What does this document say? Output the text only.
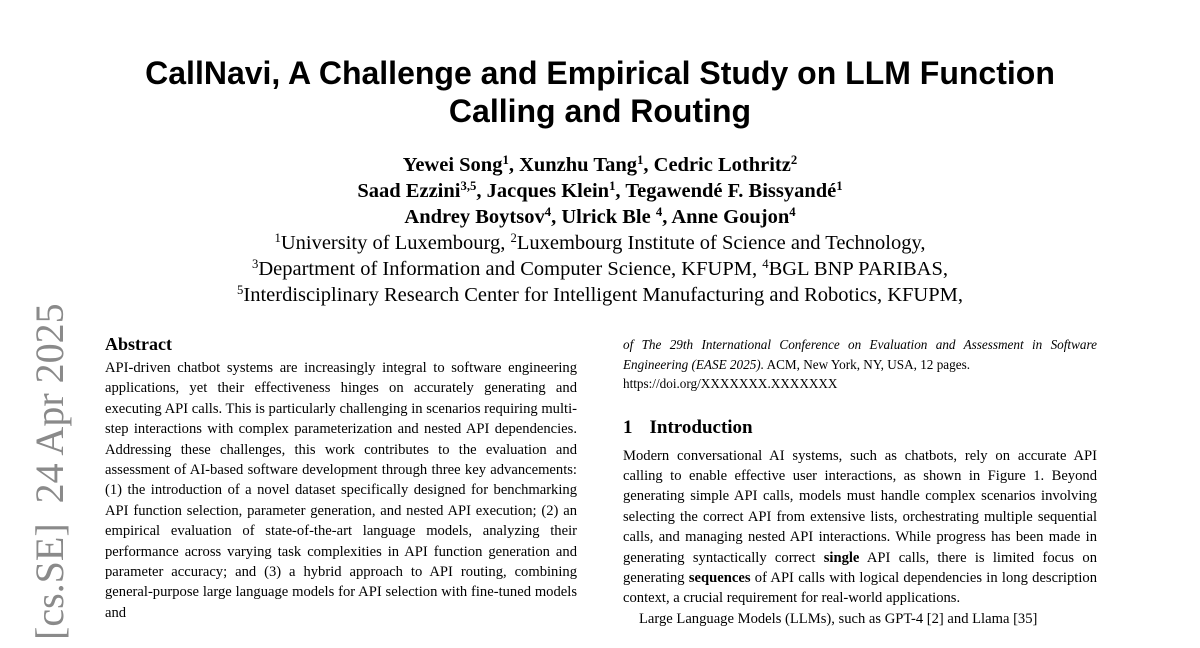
CallNavi, A Challenge and Empirical Study on LLM Function
Calling and Routing
Yewei Song$^1$, Xunzhu Tang$^1$, Cedric Lothritz$^2$
Saad Ezzini$^{3,5}$, Jacques Klein$^1$, Tegawendé F. Bissyandé$^1$
Andrey Boytsov$^4$, Ulrick Ble $^4$, Anne Goujon$^4$
$^1$University of Luxembourg, $^2$Luxembourg Institute of Science and Technology,
$^3$Department of Information and Computer Science, KFUPM, $^4$BGL BNP PARIBAS,
$^5$Interdisciplinary Research Center for Intelligent Manufacturing and Robotics, KFUPM,
[cs.SE]  24 Apr 2025 Abstract

API-driven chatbot systems are increasingly integral to software engineering applications, yet their effectiveness hinges on accurately generating and executing API calls. This is particularly challenging in scenarios requiring multi-step interactions with complex parameterization and nested API dependencies. Addressing these challenges, this work contributes to the evaluation and assessment of AI-based software development through three key advancements: (1) the introduction of a novel dataset specifically designed for benchmarking API function selection, parameter generation, and nested API execution; (2) an empirical evaluation of state-of-the-art language models, analyzing their performance across varying task complexities in API function generation and parameter accuracy; and (3) a hybrid approach to API routing, combining general-purpose large language models for API selection with fine-tuned models and

of The 29th International Conference on Evaluation and Assessment in Software Engineering (EASE 2025). ACM, New York, NY, USA, 12 pages.

https://doi.org/XXXXXXX.XXXXXXX

1 Introduction

Modern conversational AI systems, such as chatbots, rely on accurate API calling to enable effective user interactions, as shown in Figure 1. Beyond generating simple API calls, models must handle complex scenarios involving selecting the correct API from extensive lists, orchestrating multiple sequential calls, and managing nested API interactions. While progress has been made in generating syntactically correct single API calls, there is limited focus on generating sequences of API calls with logical dependencies in long description context, a crucial requirement for real-world applications.

Large Language Models (LLMs), such as GPT-4 [2] and Llama [35]
